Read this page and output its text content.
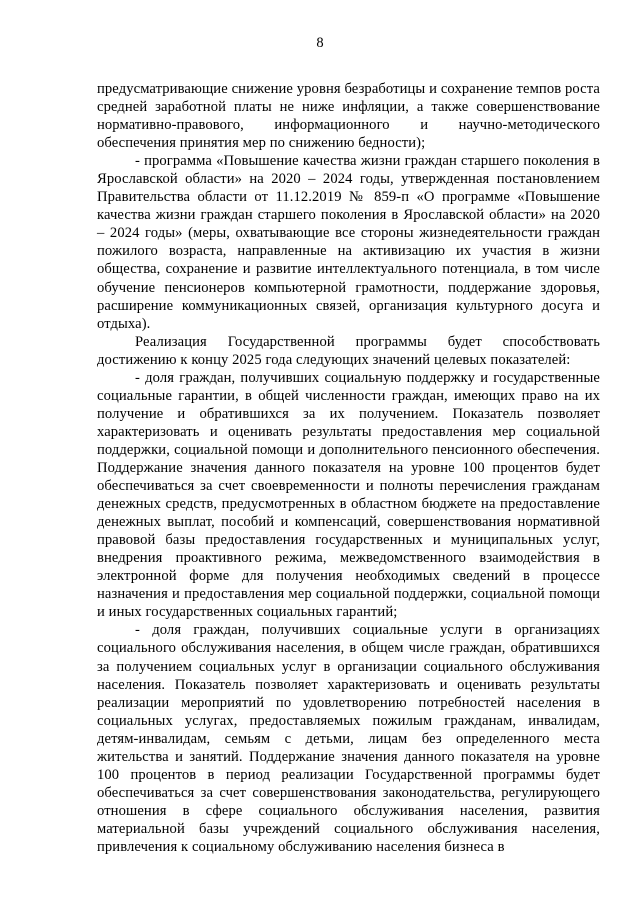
8

предусматривающие снижение уровня безработицы и сохранение темпов роста средней заработной платы не ниже инфляции, а также совершенствование нормативно-правового, информационного и научно-методического обеспечения принятия мер по снижению бедности);

- программа «Повышение качества жизни граждан старшего поколения в Ярославской области» на 2020 – 2024 годы, утвержденная постановлением Правительства области от 11.12.2019 № 859-п «О программе «Повышение качества жизни граждан старшего поколения в Ярославской области» на 2020 – 2024 годы» (меры, охватывающие все стороны жизнедеятельности граждан пожилого возраста, направленные на активизацию их участия в жизни общества, сохранение и развитие интеллектуального потенциала, в том числе обучение пенсионеров компьютерной грамотности, поддержание здоровья, расширение коммуникационных связей, организация культурного досуга и отдыха).

Реализация Государственной программы будет способствовать достижению к концу 2025 года следующих значений целевых показателей:

- доля граждан, получивших социальную поддержку и государственные социальные гарантии, в общей численности граждан, имеющих право на их получение и обратившихся за их получением. Показатель позволяет характеризовать и оценивать результаты предоставления мер социальной поддержки, социальной помощи и дополнительного пенсионного обеспечения. Поддержание значения данного показателя на уровне 100 процентов будет обеспечиваться за счет своевременности и полноты перечисления гражданам денежных средств, предусмотренных в областном бюджете на предоставление денежных выплат, пособий и компенсаций, совершенствования нормативной правовой базы предоставления государственных и муниципальных услуг, внедрения проактивного режима, межведомственного взаимодействия в электронной форме для получения необходимых сведений в процессе назначения и предоставления мер социальной поддержки, социальной помощи и иных государственных социальных гарантий;

- доля граждан, получивших социальные услуги в организациях социального обслуживания населения, в общем числе граждан, обратившихся за получением социальных услуг в организации социального обслуживания населения. Показатель позволяет характеризовать и оценивать результаты реализации мероприятий по удовлетворению потребностей населения в социальных услугах, предоставляемых пожилым гражданам, инвалидам, детям-инвалидам, семьям с детьми, лицам без определенного места жительства и занятий. Поддержание значения данного показателя на уровне 100 процентов в период реализации Государственной программы будет обеспечиваться за счет совершенствования законодательства, регулирующего отношения в сфере социального обслуживания населения, развития материальной базы учреждений социального обслуживания населения, привлечения к социальному обслуживанию населения бизнеса в
